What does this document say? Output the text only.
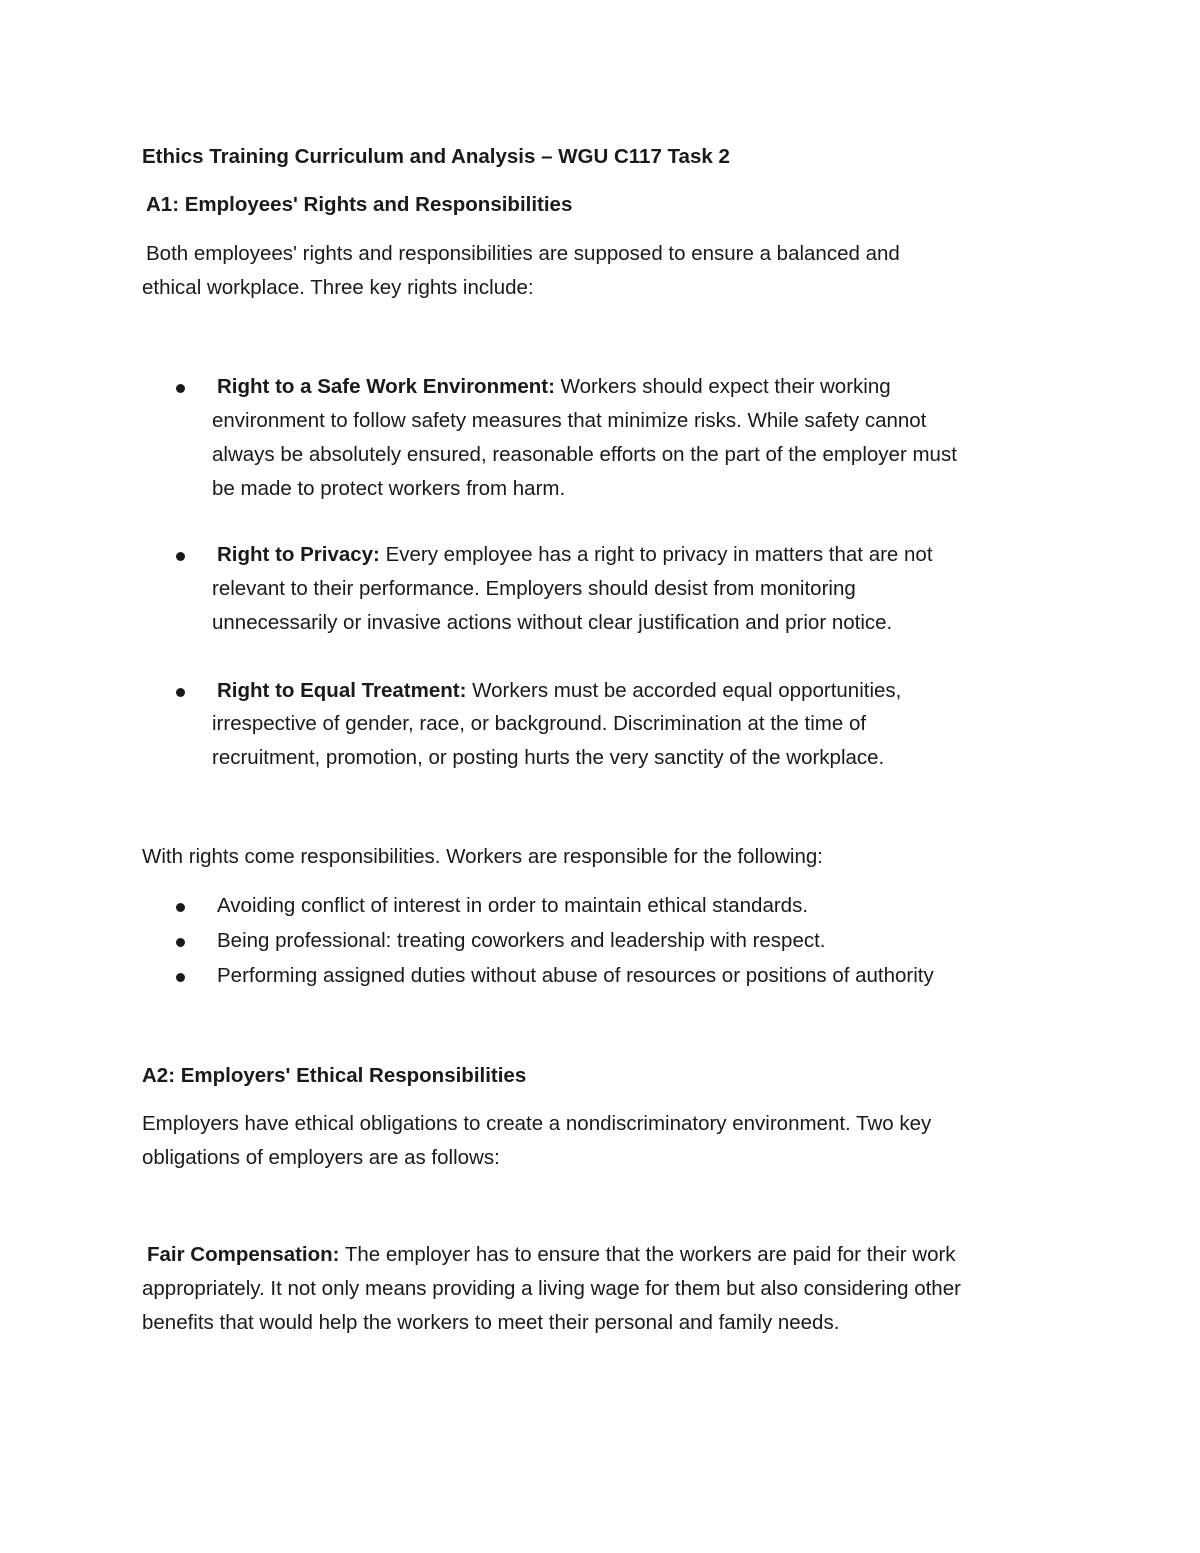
Ethics Training Curriculum and Analysis – WGU C117 Task 2
A1: Employees' Rights and Responsibilities
Both employees' rights and responsibilities are supposed to ensure a balanced and
ethical workplace. Three key rights include:
Right to a Safe Work Environment: Workers should expect their working
environment to follow safety measures that minimize risks. While safety cannot
always be absolutely ensured, reasonable efforts on the part of the employer must
be made to protect workers from harm.
Right to Privacy: Every employee has a right to privacy in matters that are not
relevant to their performance. Employers should desist from monitoring
unnecessarily or invasive actions without clear justification and prior notice.
Right to Equal Treatment: Workers must be accorded equal opportunities,
irrespective of gender, race, or background. Discrimination at the time of
recruitment, promotion, or posting hurts the very sanctity of the workplace.
With rights come responsibilities. Workers are responsible for the following:
Avoiding conflict of interest in order to maintain ethical standards.
Being professional: treating coworkers and leadership with respect.
Performing assigned duties without abuse of resources or positions of authority
A2: Employers' Ethical Responsibilities
Employers have ethical obligations to create a nondiscriminatory environment. Two key
obligations of employers are as follows:
Fair Compensation: The employer has to ensure that the workers are paid for their work
appropriately. It not only means providing a living wage for them but also considering other
benefits that would help the workers to meet their personal and family needs.
